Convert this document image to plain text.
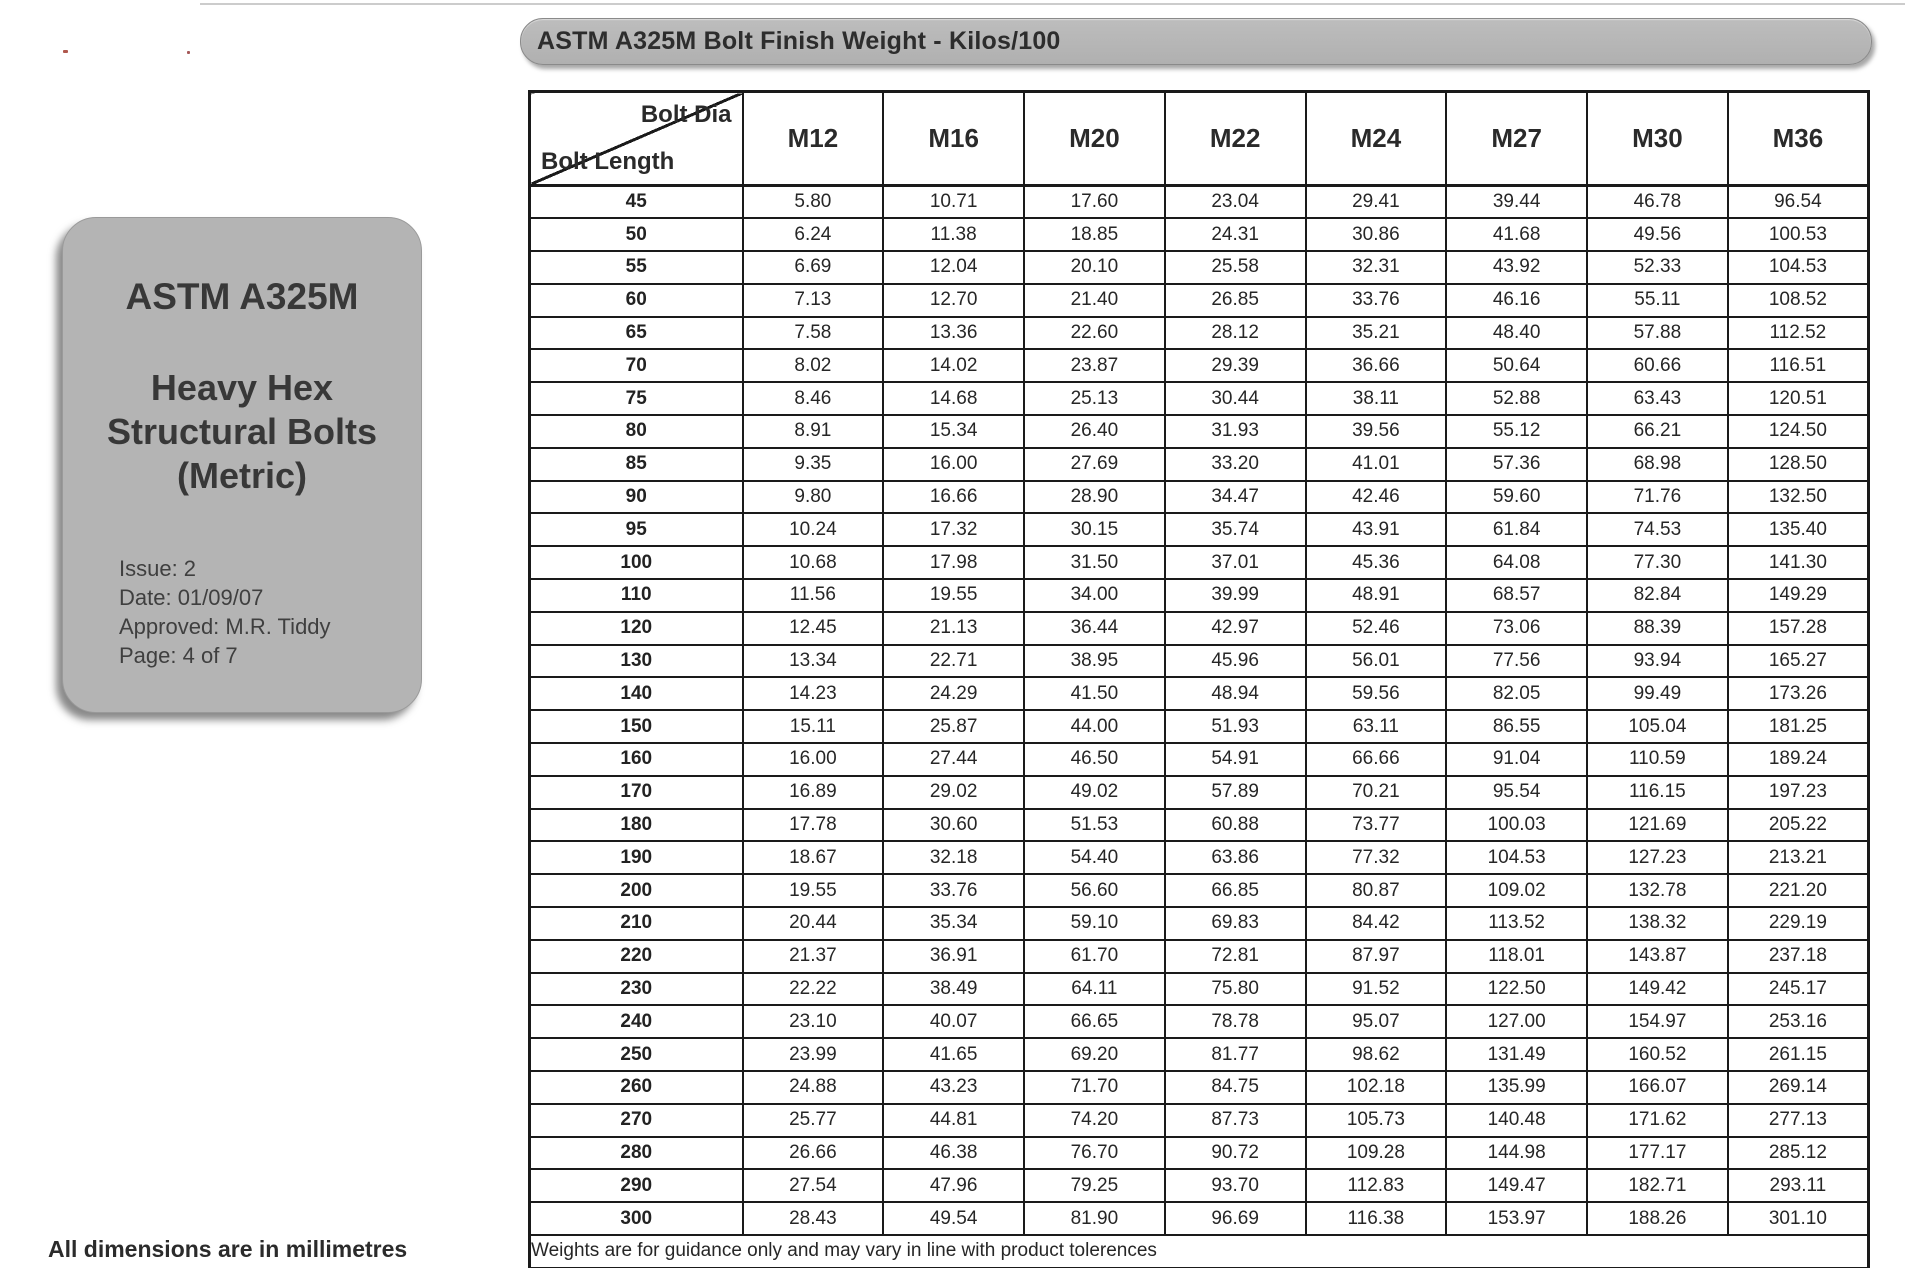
ASTM A325M Bolt Finish Weight - Kilos/100
ASTM A325M
Heavy Hex
Structural Bolts
(Metric)
Issue: 2
Date: 01/09/07
Approved: M.R. Tiddy
Page: 4 of 7
Bolt Dia
Bolt Length	M12	M16	M20	M22	M24	M27	M30	M36
45	5.80	10.71	17.60	23.04	29.41	39.44	46.78	96.54
50	6.24	11.38	18.85	24.31	30.86	41.68	49.56	100.53
55	6.69	12.04	20.10	25.58	32.31	43.92	52.33	104.53
60	7.13	12.70	21.40	26.85	33.76	46.16	55.11	108.52
65	7.58	13.36	22.60	28.12	35.21	48.40	57.88	112.52
70	8.02	14.02	23.87	29.39	36.66	50.64	60.66	116.51
75	8.46	14.68	25.13	30.44	38.11	52.88	63.43	120.51
80	8.91	15.34	26.40	31.93	39.56	55.12	66.21	124.50
85	9.35	16.00	27.69	33.20	41.01	57.36	68.98	128.50
90	9.80	16.66	28.90	34.47	42.46	59.60	71.76	132.50
95	10.24	17.32	30.15	35.74	43.91	61.84	74.53	135.40
100	10.68	17.98	31.50	37.01	45.36	64.08	77.30	141.30
110	11.56	19.55	34.00	39.99	48.91	68.57	82.84	149.29
120	12.45	21.13	36.44	42.97	52.46	73.06	88.39	157.28
130	13.34	22.71	38.95	45.96	56.01	77.56	93.94	165.27
140	14.23	24.29	41.50	48.94	59.56	82.05	99.49	173.26
150	15.11	25.87	44.00	51.93	63.11	86.55	105.04	181.25
160	16.00	27.44	46.50	54.91	66.66	91.04	110.59	189.24
170	16.89	29.02	49.02	57.89	70.21	95.54	116.15	197.23
180	17.78	30.60	51.53	60.88	73.77	100.03	121.69	205.22
190	18.67	32.18	54.40	63.86	77.32	104.53	127.23	213.21
200	19.55	33.76	56.60	66.85	80.87	109.02	132.78	221.20
210	20.44	35.34	59.10	69.83	84.42	113.52	138.32	229.19
220	21.37	36.91	61.70	72.81	87.97	118.01	143.87	237.18
230	22.22	38.49	64.11	75.80	91.52	122.50	149.42	245.17
240	23.10	40.07	66.65	78.78	95.07	127.00	154.97	253.16
250	23.99	41.65	69.20	81.77	98.62	131.49	160.52	261.15
260	24.88	43.23	71.70	84.75	102.18	135.99	166.07	269.14
270	25.77	44.81	74.20	87.73	105.73	140.48	171.62	277.13
280	26.66	46.38	76.70	90.72	109.28	144.98	177.17	285.12
290	27.54	47.96	79.25	93.70	112.83	149.47	182.71	293.11
300	28.43	49.54	81.90	96.69	116.38	153.97	188.26	301.10
Weights are for guidance only and may vary in line with product tolerences								
All dimensions are in millimetres
